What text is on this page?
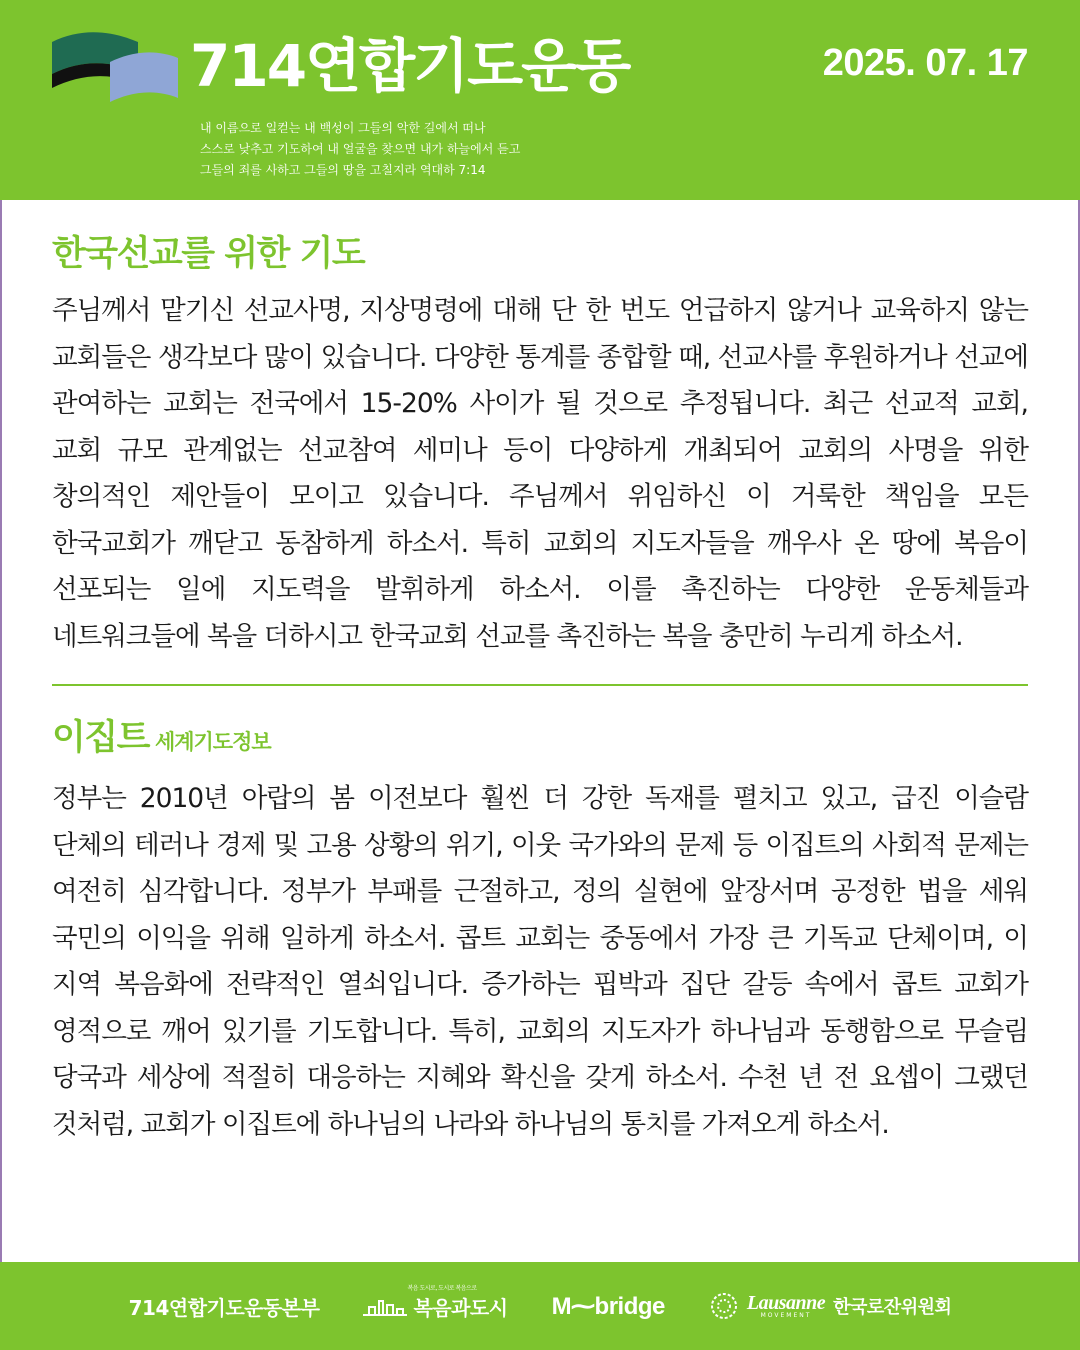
714연합기도운동	2025. 07. 17
내 이름으로 일컫는 내 백성이 그들의 악한 길에서 떠나
스스로 낮추고 기도하여 내 얼굴을 찾으면 내가 하늘에서 듣고
그들의 죄를 사하고 그들의 땅을 고칠지라 역대하 7:14
한국선교를 위한 기도

주님께서 맡기신 선교사명, 지상명령에 대해 단 한 번도 언급하지 않거나 교육하지 않는 교회들은 생각보다 많이 있습니다. 다양한 통계를 종합할 때, 선교사를 후원하거나 선교에 관여하는 교회는 전국에서 15-20% 사이가 될 것으로 추정됩니다. 최근 선교적 교회, 교회 규모 관계없는 선교참여 세미나 등이 다양하게 개최되어 교회의 사명을 위한 창의적인 제안들이 모이고 있습니다. 주님께서 위임하신 이 거룩한 책임을 모든 한국교회가 깨닫고 동참하게 하소서. 특히 교회의 지도자들을 깨우사 온 땅에 복음이 선포되는 일에 지도력을 발휘하게 하소서. 이를 촉진하는 다양한 운동체들과 네트워크들에 복을 더하시고 한국교회 선교를 촉진하는 복을 충만히 누리게 하소서.

이집트 세계기도정보

정부는 2010년 아랍의 봄 이전보다 훨씬 더 강한 독재를 펼치고 있고, 급진 이슬람 단체의 테러나 경제 및 고용 상황의 위기, 이웃 국가와의 문제 등 이집트의 사회적 문제는 여전히 심각합니다. 정부가 부패를 근절하고, 정의 실현에 앞장서며 공정한 법을 세워 국민의 이익을 위해 일하게 하소서. 콥트 교회는 중동에서 가장 큰 기독교 단체이며, 이 지역 복음화에 전략적인 열쇠입니다. 증가하는 핍박과 집단 갈등 속에서 콥트 교회가 영적으로 깨어 있기를 기도합니다. 특히, 교회의 지도자가 하나님과 동행함으로 무슬림 당국과 세상에 적절히 대응하는 지혜와 확신을 갖게 하소서. 수천 년 전 요셉이 그랬던 것처럼, 교회가 이집트에 하나님의 나라와 하나님의 통치를 가져오게 하소서.

714연합기도운동본부
복음 도시로, 도시로 복음으로
복음과도시 M⁓bridge	Lausanne
MOVEMENT	한국로잔위원회
